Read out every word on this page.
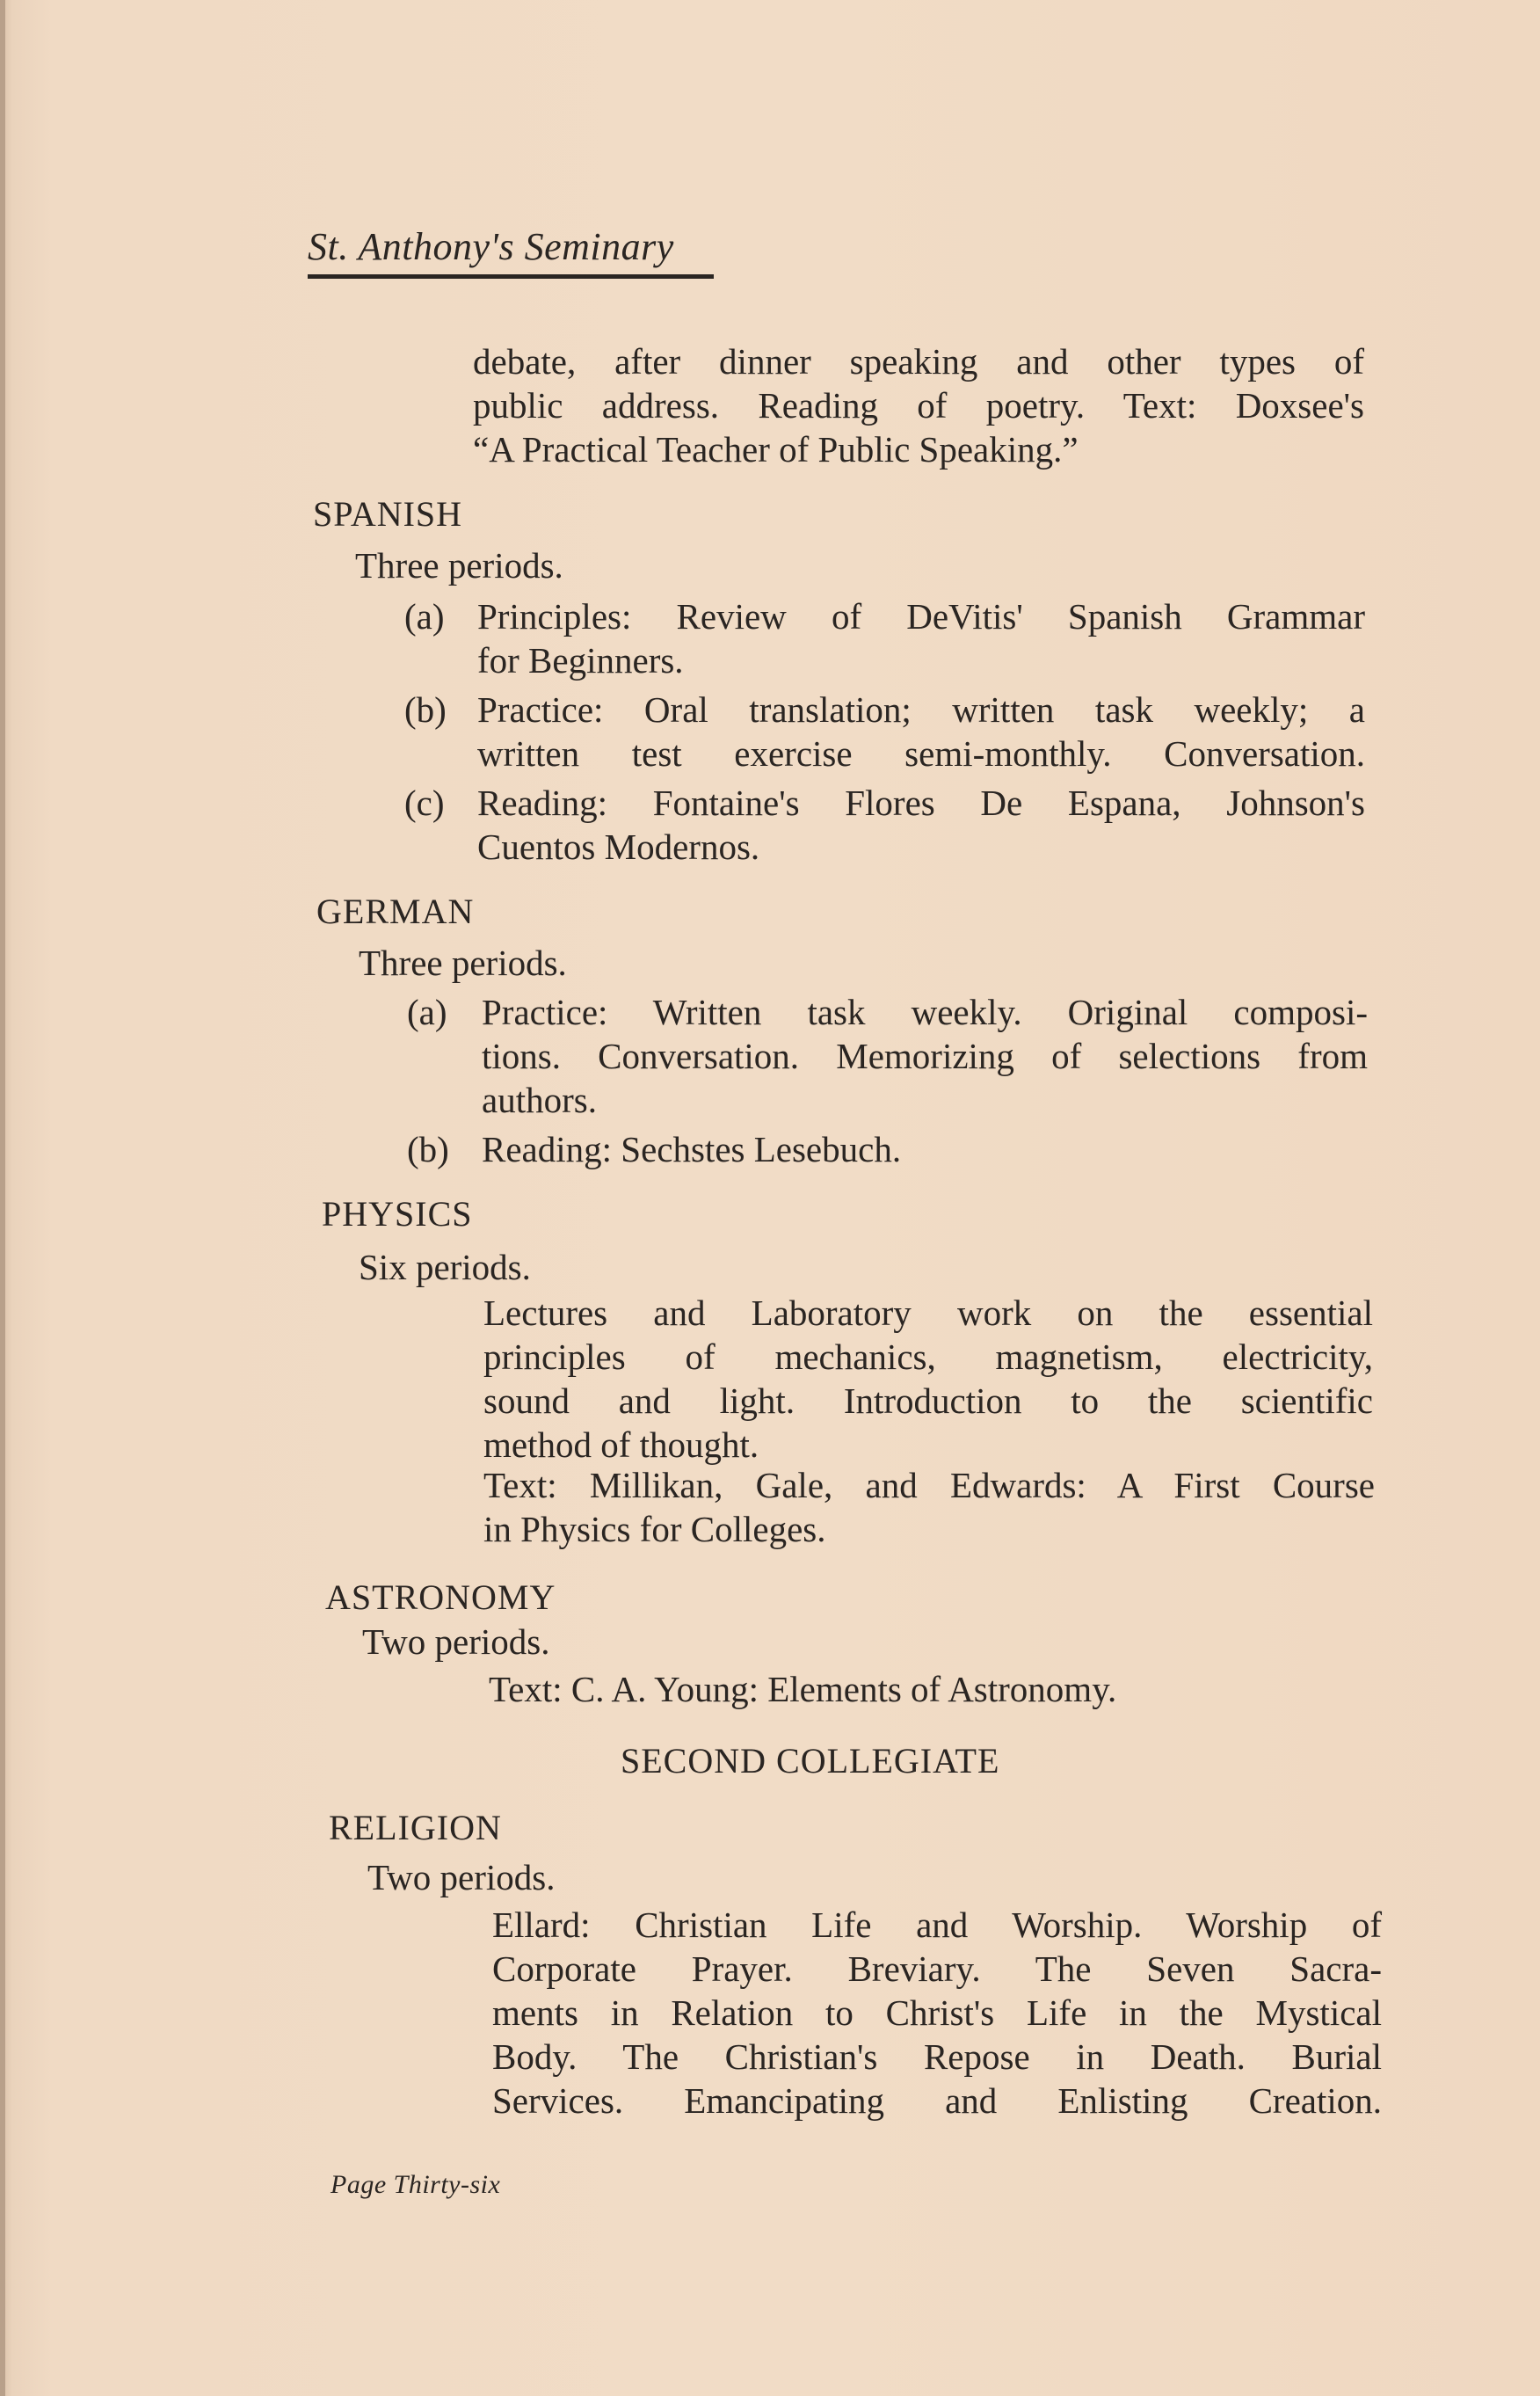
St. Anthony's Seminary
debate, after dinner speaking and other types of
public address. Reading of poetry. Text: Doxsee's
“A Practical Teacher of Public Speaking.”
SPANISH
Three periods.
(a) Principles: Review of DeVitis' Spanish Grammar
for Beginners.
(b) Practice: Oral translation; written task weekly; a
written test exercise semi-monthly. Conversation.
(c) Reading: Fontaine's Flores De Espana, Johnson's
Cuentos Modernos.
GERMAN
Three periods.
(a) Practice: Written task weekly. Original composi-
tions. Conversation. Memorizing of selections from
authors.
(b) Reading: Sechstes Lesebuch.
PHYSICS
Six periods.
Lectures and Laboratory work on the essential
principles of mechanics, magnetism, electricity,
sound and light. Introduction to the scientific
method of thought.
Text: Millikan, Gale, and Edwards: A First Course
in Physics for Colleges.
ASTRONOMY
Two periods.
Text: C. A. Young: Elements of Astronomy.
SECOND COLLEGIATE
RELIGION
Two periods.
Ellard: Christian Life and Worship. Worship of
Corporate Prayer. Breviary. The Seven Sacra-
ments in Relation to Christ's Life in the Mystical
Body. The Christian's Repose in Death. Burial
Services. Emancipating and Enlisting Creation.
Page Thirty-six
